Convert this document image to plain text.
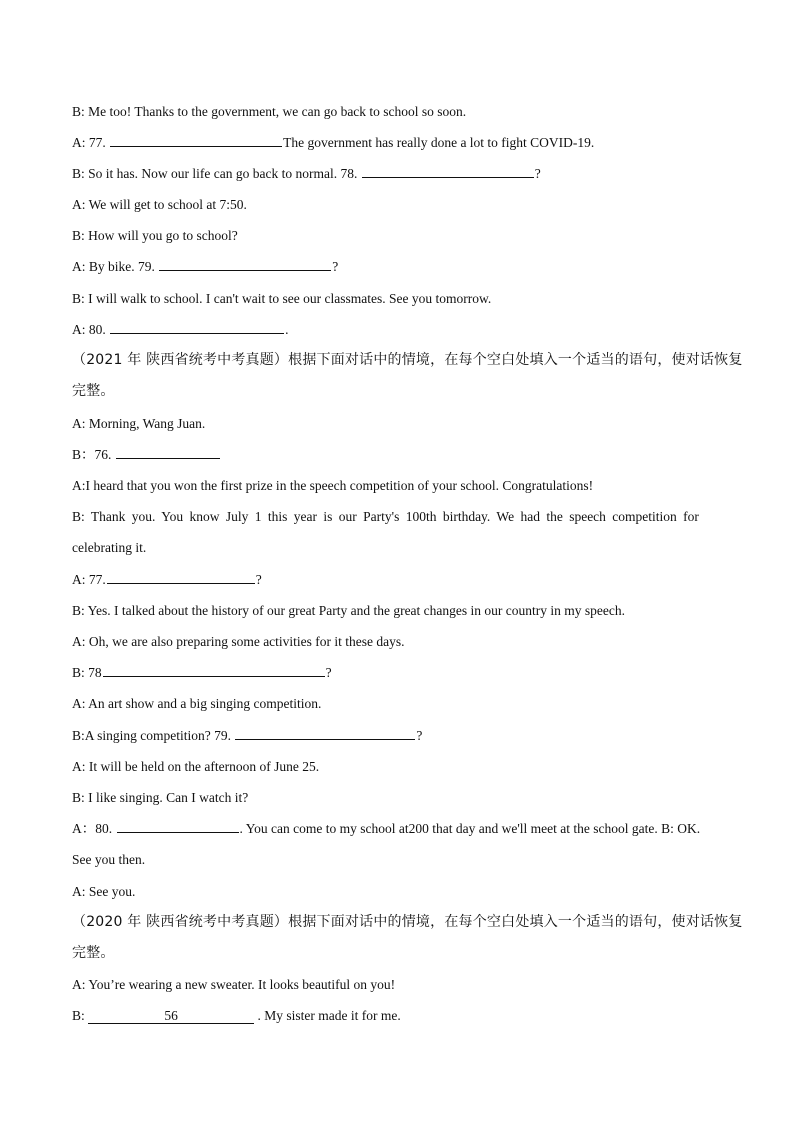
B: Me too! Thanks to the government, we can go back to school so soon.
A: 77.	The government has really done a lot to fight COVID-19.
B: So it has. Now our life can go back to normal. 78.	?
A: We will get to school at 7:50.
B: How will you go to school?
A: By bike. 79.	?
B: I will walk to school. I can't wait to see our classmates. See you tomorrow.
A: 80.	.
（2021 年 陕西省统考中考真题）根据下面对话中的情境，在每个空白处填入一个适当的语句，使对话恢复
完整。
A: Morning, Wang Juan.
B：76.
A:I heard that you won the first prize in the speech competition of your school. Congratulations!
B: Thank you. You know July 1 this year is our Party's 100th birthday. We had the speech competition for
celebrating it.
A: 77.	?
B: Yes. I talked about the history of our great Party and the great changes in our country in my speech.
A: Oh, we are also preparing some activities for it these days.
B: 78	?
A: An art show and a big singing competition.
B:A singing competition? 79.	?
A: It will be held on the afternoon of June 25.
B: I like singing. Can I watch it?
A：80.	. You can come to my school at200 that day and we'll meet at the school gate. B: OK.
See you then.
A: See you.
（2020 年 陕西省统考中考真题）根据下面对话中的情境，在每个空白处填入一个适当的语句，使对话恢复
完整。
A: You’re wearing a new sweater. It looks beautiful on you!
B:	56	. My sister made it for me.
